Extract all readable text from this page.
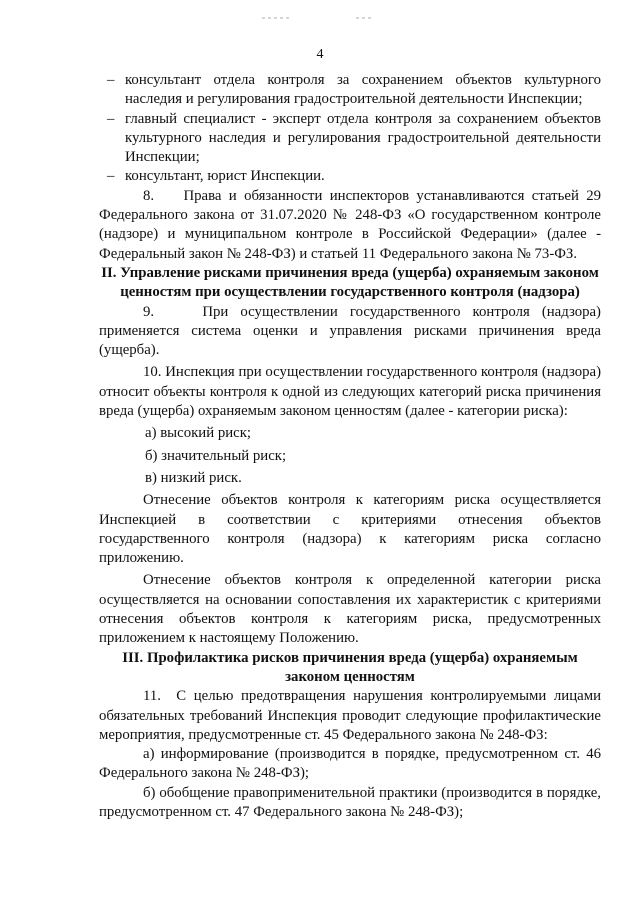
4

– консультант отдела контроля за сохранением объектов культурного наследия и регулирования градостроительной деятельности Инспекции;

– главный специалист - эксперт отдела контроля за сохранением объектов культурного наследия и регулирования градостроительной деятельности Инспекции;

– консультант, юрист Инспекции.

8.    Права и обязанности инспекторов устанавливаются статьей 29 Федерального закона от 31.07.2020 № 248-ФЗ «О государственном контроле (надзоре) и муниципальном контроле в Российской Федерации» (далее - Федеральный закон № 248-ФЗ) и статьей 11 Федерального закона № 73-ФЗ.

II. Управление рисками причинения вреда (ущерба) охраняемым законом ценностям при осуществлении государственного контроля (надзора)

9.    При осуществлении государственного контроля (надзора) применяется система оценки и управления рисками причинения вреда (ущерба).

10. Инспекция при осуществлении государственного контроля (надзора) относит объекты контроля к одной из следующих категорий риска причинения вреда (ущерба) охраняемым законом ценностям (далее - категории риска):

а) высокий риск;

б) значительный риск;

в) низкий риск.

Отнесение объектов контроля к категориям риска осуществляется Инспекцией в соответствии с критериями отнесения объектов государственного контроля (надзора) к категориям риска согласно приложению.

Отнесение объектов контроля к определенной категории риска осуществляется на основании сопоставления их характеристик с критериями отнесения объектов контроля к категориям риска, предусмотренных приложением к настоящему Положению.

III. Профилактика рисков причинения вреда (ущерба) охраняемым законом ценностям

11.  С целью предотвращения нарушения контролируемыми лицами обязательных требований Инспекция проводит следующие профилактические мероприятия, предусмотренные ст. 45 Федерального закона № 248-ФЗ:

а) информирование (производится в порядке, предусмотренном ст. 46 Федерального закона № 248-ФЗ);

б) обобщение правоприменительной практики (производится в порядке, предусмотренном ст. 47 Федерального закона № 248-ФЗ);
